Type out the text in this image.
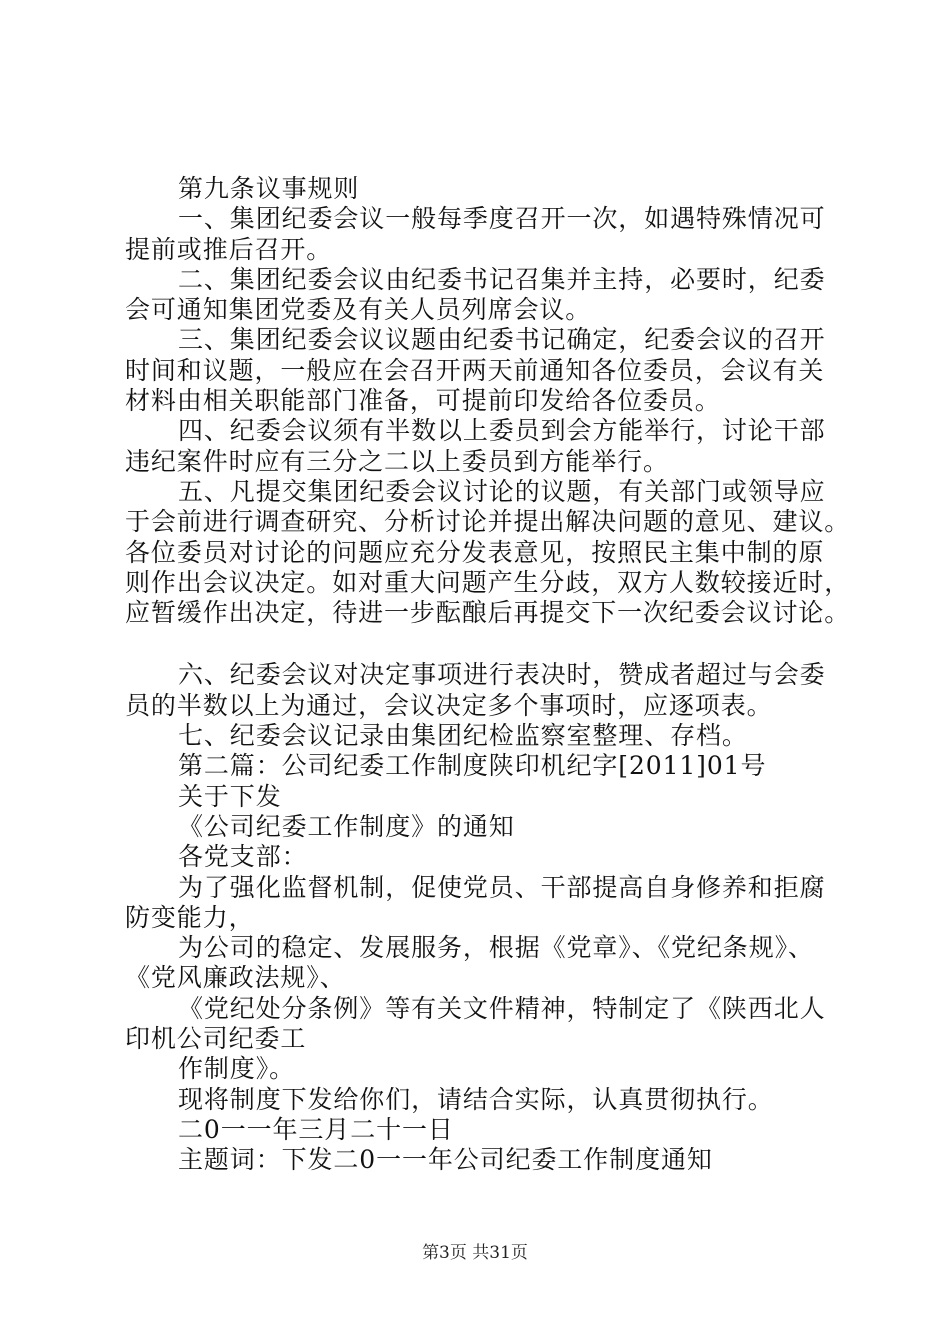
第九条议事规则
一、集团纪委会议一般每季度召开一次，如遇特殊情况可
提前或推后召开。
二、集团纪委会议由纪委书记召集并主持，必要时，纪委
会可通知集团党委及有关人员列席会议。
三、集团纪委会议议题由纪委书记确定，纪委会议的召开
时间和议题，一般应在会召开两天前通知各位委员，会议有关
材料由相关职能部门准备，可提前印发给各位委员。
四、纪委会议须有半数以上委员到会方能举行，讨论干部
违纪案件时应有三分之二以上委员到方能举行。
五、凡提交集团纪委会议讨论的议题，有关部门或领导应
于会前进行调查研究、分析讨论并提出解决问题的意见、建议。
各位委员对讨论的问题应充分发表意见，按照民主集中制的原
则作出会议决定。如对重大问题产生分歧，双方人数较接近时，
应暂缓作出决定，待进一步酝酿后再提交下一次纪委会议讨论。
六、纪委会议对决定事项进行表决时，赞成者超过与会委
员的半数以上为通过，会议决定多个事项时，应逐项表。
七、纪委会议记录由集团纪检监察室整理、存档。
第二篇：公司纪委工作制度陕印机纪字[2011]01号
关于下发
《公司纪委工作制度》的通知
各党支部：
为了强化监督机制，促使党员、干部提高自身修养和拒腐
防变能力，
为公司的稳定、发展服务，根据《党章》、《党纪条规》、
《党风廉政法规》、
《党纪处分条例》等有关文件精神，特制定了《陕西北人
印机公司纪委工
作制度》。
现将制度下发给你们，请结合实际，认真贯彻执行。
二0一一年三月二十一日
主题词：下发二0一一年公司纪委工作制度通知
第3页 共31页
